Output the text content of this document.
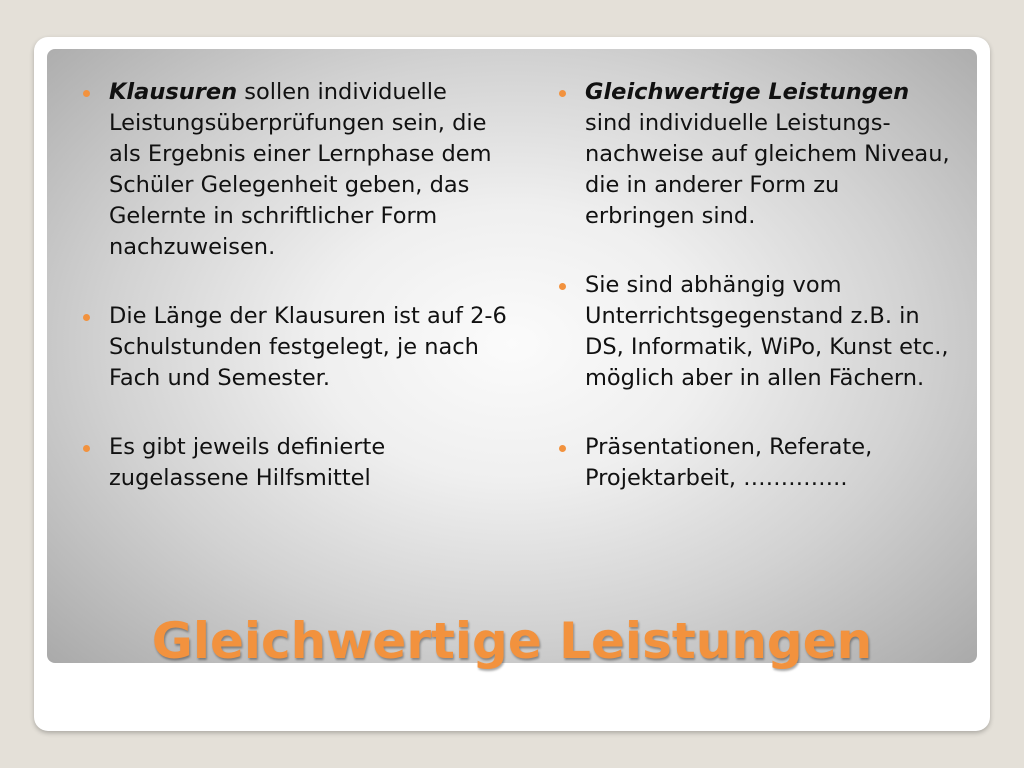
Klausuren sollen individuelle Leistungsüberprüfungen sein, die als Ergebnis einer Lernphase dem Schüler Gelegenheit geben, das Gelernte in schriftlicher Form nachzuweisen.
Die Länge der Klausuren ist auf 2-6 Schulstunden festgelegt, je nach Fach und Semester.
Es gibt jeweils definierte zugelassene Hilfsmittel
Gleichwertige Leistungen sind individuelle Leistungs-nachweise auf gleichem Niveau, die in anderer Form zu erbringen sind.
Sie sind abhängig vom Unterrichtsgegenstand z.B. in DS, Informatik, WiPo, Kunst etc., möglich aber in allen Fächern.
Präsentationen, Referate, Projektarbeit, …………..
Gleichwertige Leistungen
